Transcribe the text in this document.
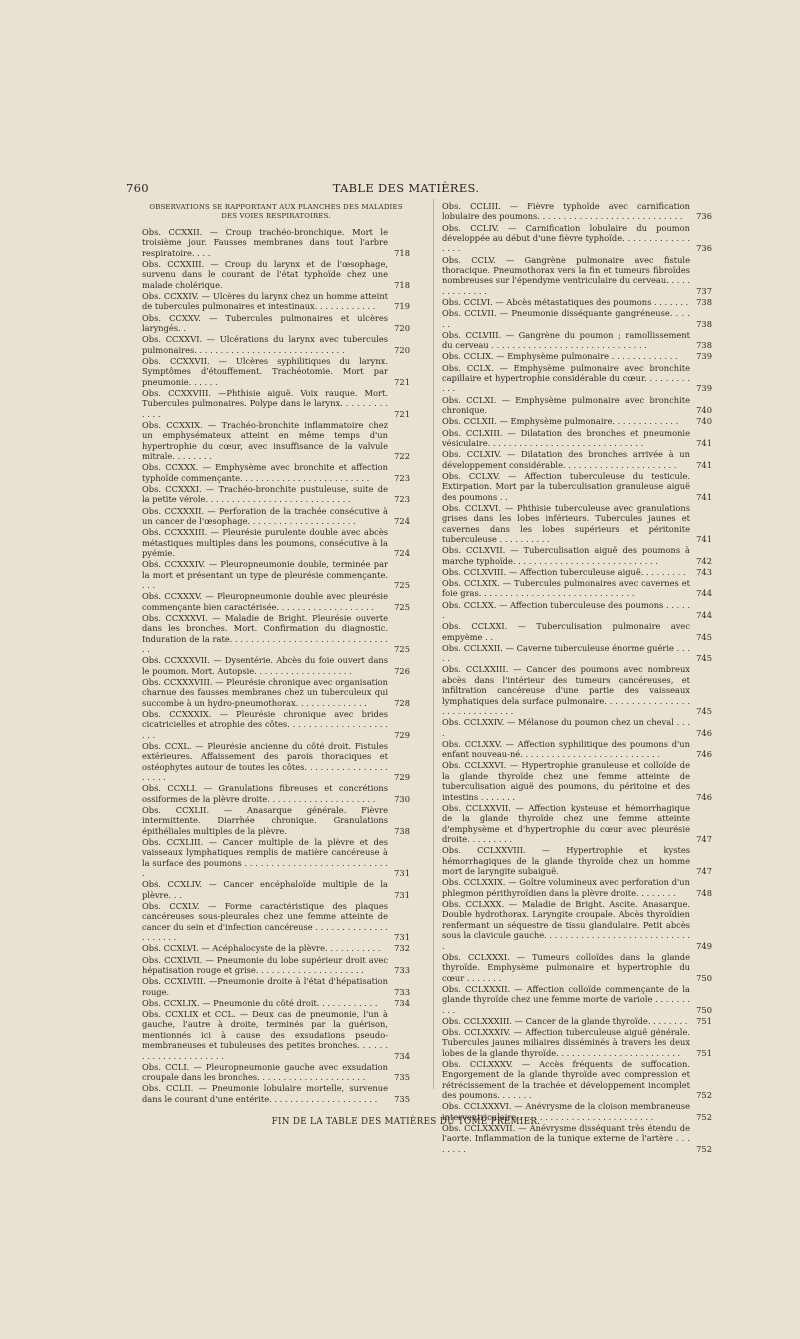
760	TABLE DES MATIÈRES.
OBSERVATIONS SE RAPPORTANT AUX PLANCHES DES MALADIES DES VOIES RESPIRATOIRES.
Obs. CCXXII. — Croup trachéo-bronchique. Mort le troisième jour. Fausses membranes dans tout l'arbre respiratoire. . . .	718
Obs. CCXXIII. — Croup du larynx et de l'œsophage, survenu dans le courant de l'état typhoïde chez une malade cholérique.	718
Obs. CCXXIV. — Ulcères du larynx chez un homme atteint de tubercules pulmonaires et intestinaux. . . . . . . . . . . .	719
Obs. CCXXV. — Tubercules pulmonaires et ulcères laryngés. .	720
Obs. CCXXVI. — Ulcérations du larynx avec tubercules pulmonaires. . . . . . . . . . . . . . . . . . . . . . . . . . . . .	720
Obs. CCXXVII. — Ulcères syphilitiques du larynx. Symptômes d'étouffement. Trachéotomie. Mort par pneumonie. . . . . .	721
Obs. CCXXVIII. —Phthisie aiguë. Voix rauque. Mort. Tubercules pulmonaires. Polype dans le larynx. . . . . . . . . . . . .	721
Obs. CCXXIX. — Trachéo-bronchite inflammatoire chez un emphysémateux atteint en même temps d'un hypertrophie du cœur, avec insuffisance de la valvule mitrale. . . . . . . .	722
Obs. CCXXX. — Emphysème avec bronchite et affection typhoïde commençante. . . . . . . . . . . . . . . . . . . . . . . . .	723
Obs. CCXXXI. — Trachéo-bronchite pustuleuse, suite de la petite vérole. . . . . . . . . . . . . . . . . . . . . . . . . . . .	723
Obs. CCXXXII. — Perforation de la trachée consécutive à un cancer de l'œsophage. . . . . . . . . . . . . . . . . . . . .	724
Obs. CCXXXIII. — Pleurésie purulente double avec abcès métastiques multiples dans les poumons, consécutive à la pyémie.	724
Obs. CCXXXIV. — Pleuropneumonie double, terminée par la mort et présentant un type de pleurésie commençante. . . .	725
Obs. CCXXXV. — Pleuropneumonie double avec pleurésie commençante bien caractérisée. . . . . . . . . . . . . . . . . . .	725
Obs. CCXXXVI. — Maladie de Bright. Pleurésie ouverte dans les bronches. Mort. Confirmation du diagnostic. Induration de la rate. . . . . . . . . . . . . . . . . . . . . . . . . . . . . . . .	725
Obs. CCXXXVII. — Dysentérie. Abcès du foie ouvert dans le poumon. Mort. Autopsie. . . . . . . . . . . . . . . . . . .	726
Obs. CCXXXVIII. — Pleurésie chronique avec organisation charnue des fausses membranes chez un tuberculeux qui succombe à un hydro-pneumothorax. . . . . . . . . . . . . .	728
Obs. CCXXXIX. — Pleurésie chronique avec brides cicatricielles et atrophie des côtes. . . . . . . . . . . . . . . . . . . . . .	729
Obs. CCXL. — Pleurésie ancienne du côté droit. Fistules extérieures. Affaissement des parois thoraciques et ostéophytes autour de toutes les côtes. . . . . . . . . . . . . . . . . . . . .	729
Obs. CCXLI. — Granulations fibreuses et concrétions ossiformes de la plèvre droite. . . . . . . . . . . . . . . . . . . . .	730
Obs. CCXLII. — Anasarque générale. Fièvre intermittente. Diarrhée chronique. Granulations épithéliales multiples de la plèvre.	738
Obs. CCXLIII. — Cancer multiple de la plèvre et des vaisseaux lymphatiques remplis de matière cancéreuse à la surface des poumons . . . . . . . . . . . . . . . . . . . . . . . . . . . .	731
Obs. CCXLIV. — Cancer encéphaloïde multiple de la plèvre. . .	731
Obs. CCXLV. — Forme caractéristique des plaques cancéreuses sous-pleurales chez une femme atteinte de cancer du sein et d'infection cancéreuse . . . . . . . . . . . . . . . . . . . . .	731
Obs. CCXLVI. — Acéphalocyste de la plèvre. . . . . . . . . . .	732
Obs. CCXLVII. — Pneumonie du lobe supérieur droit avec hépatisation rouge et grise. . . . . . . . . . . . . . . . . . . . .	733
Obs. CCXLVIII. —Pneumonie droite à l'état d'hépatisation rouge.	733
Obs. CCXLIX. — Pneumonie du côté droit. . . . . . . . . . . .	734
Obs. CCXLIX et CCL. — Deux cas de pneumonie, l'un à gauche, l'autre à droite, terminés par la guérison, mentionnés ici à cause des exsudations pseudo-membraneuses et tubuleuses des petites bronches. . . . . . . . . . . . . . . . . . . . . .	734
Obs. CCLI. — Pleuropneumonie gauche avec exsudation croupale dans les bronches. . . . . . . . . . . . . . . . . . . . .	735
Obs. CCLII. — Pneumonie lobulaire mortelle, survenue dans le courant d'une entérite. . . . . . . . . . . . . . . . . . . . .	735
Obs. CCLIII. — Fièvre typhoïde avec carnification lobulaire des poumons. . . . . . . . . . . . . . . . . . . . . . . . . . . .	736
Obs. CCLIV. — Carnification lobulaire du poumon développée au début d'une fièvre typhoïde. . . . . . . . . . . . . . . . .	736
Obs. CCLV. — Gangrène pulmonaire avec fistule thoracique. Pneumothorax vers la fin et tumeurs fibroïdes nombreuses sur l'épendyme ventriculaire du cerveau. . . . . . . . . . . . . .	737
Obs. CCLVI. — Abcès métastatiques des poumons . . . . . . . 738
Obs. CCLVII. — Pneumonie disséquante gangréneuse. . . . . .	738
Obs. CCLVIII. — Gangrène du poumon ; ramollissement du cerveau . . . . . . . . . . . . . . . . . . . . . . . . . . . . . .	738
Obs. CCLIX. — Emphysème pulmonaire . . . . . . . . . . . . .	739
Obs. CCLX. — Emphysème pulmonaire avec bronchite capillaire et hypertrophie considérable du cœur. . . . . . . . . . . .	739
Obs. CCLXI. — Emphysème pulmonaire avec bronchite chronique.	740
Obs. CCLXII. — Emphysème pulmonaire. . . . . . . . . . . . .	740
Obs. CCLXIII. — Dilatation des bronches et pneumonie vésiculaire. . . . . . . . . . . . . . . . . . . . . . . . . . . . . .	741
Obs. CCLXIV. — Dilatation des bronches arrivée à un développement considérable. . . . . . . . . . . . . . . . . . . . . .	741
Obs. CCLXV. — Affection tuberculeuse du testicule. Extirpation. Mort par la tuberculisation granuleuse aiguë des poumons . .	741
Obs. CCLXVI. — Phthisie tuberculeuse avec granulations grises dans les lobes inférieurs. Tubercules jaunes et cavernes dans les lobes supérieurs et péritonite tuberculeuse . . . . . . . . . .	741
Obs. CCLXVII. — Tuberculisation aiguë des poumons à marche typhoïde. . . . . . . . . . . . . . . . . . . . . . . . . . . .	742
Obs. CCLXVIII. — Affection tuberculeuse aiguë. . . . . . . . .	743
Obs. CCLXIX. — Tubercules pulmonaires avec cavernes et foie gras. . . . . . . . . . . . . . . . . . . . . . . . . . . . . .	744
Obs. CCLXX. — Affection tuberculeuse des poumons . . . . . .	744
Obs. CCLXXI. — Tuberculisation pulmonaire avec empyème . .	745
Obs. CCLXXII. — Caverne tuberculeuse énorme guérie . . . . .	745
Obs. CCLXXIII. — Cancer des poumons avec nombreux abcès dans l'intérieur des tumeurs cancéreuses, et infiltration cancéreuse d'une partie des vaisseaux lymphatiques dela surface pulmonaire. . . . . . . . . . . . . . . . . . . . . . . . . . . . . .	745
Obs. CCLXXIV. — Mélanose du poumon chez un cheval . . . .	746
Obs. CCLXXV. — Affection syphilitique des poumons d'un enfant nouveau-né. . . . . . . . . . . . . . . . . . . . . . . . . . .	746
Obs. CCLXXVI. — Hypertrophie granuleuse et colloïde de la glande thyroïde chez une femme atteinte de tuberculisation aiguë des poumons, du péritoine et des intestins . . . . . . .	746
Obs. CCLXXVII. — Affection kysteuse et hémorrhagique de la glande thyroïde chez une femme atteinte d'emphysème et d'hypertrophie du cœur avec pleurésie droite. . . . . . . . .	747
Obs. CCLXXVIII. — Hypertrophie et kystes hémorrhagiques de la glande thyroïde chez un homme mort de laryngite subaiguë.	747
Obs. CCLXXIX. — Goître volumineux avec perforation d'un phlegmon périthyroïdien dans la plèvre droite. . . . . . . .	748
Obs. CCLXXX. — Maladie de Bright. Ascite. Anasarque. Double hydrothorax. Laryngite croupale. Abcès thyroïdien renfermant un séquestre de tissu glandulaire. Petit abcès sous la clavicule gauche. . . . . . . . . . . . . . . . . . . . . . . . . . . . .	749
Obs. CCLXXXI. — Tumeurs colloïdes dans la glande thyroïde. Emphysème pulmonaire et hypertrophie du cœur . . . . . . .	750
Obs. CCLXXXII. — Affection colloïde commençante de la glande thyroïde chez une femme morte de variole . . . . . . . . . .	750
Obs. CCLXXXIII. — Cancer de la glande thyroïde. . . . . . . .	751
Obs. CCLXXXIV. — Affection tuberculeuse aiguë générale. Tubercules jaunes miliaires disséminés à travers les deux lobes de la glande thyroïde. . . . . . . . . . . . . . . . . . . . . . . .	751
Obs. CCLXXXV. — Accès fréquents de suffocation. Engorgement de la glande thyroïde avec compression et rétrécissement de la trachée et développement incomplet des poumons. . . . . . .	752
Obs. CCLXXXVI. — Anévrysme de la cloison membraneuse interventriculaire . . . . . . . . . . . . . . . . . . . . . . . . . .	752
Obs. CCLXXXVII. — Anévrysme disséquant très étendu de l'aorte. Inflammation de la tunique externe de l'artère . . . . . . . .	752
FIN DE LA TABLE DES MATIÈRES DU TOME PREMIER.
